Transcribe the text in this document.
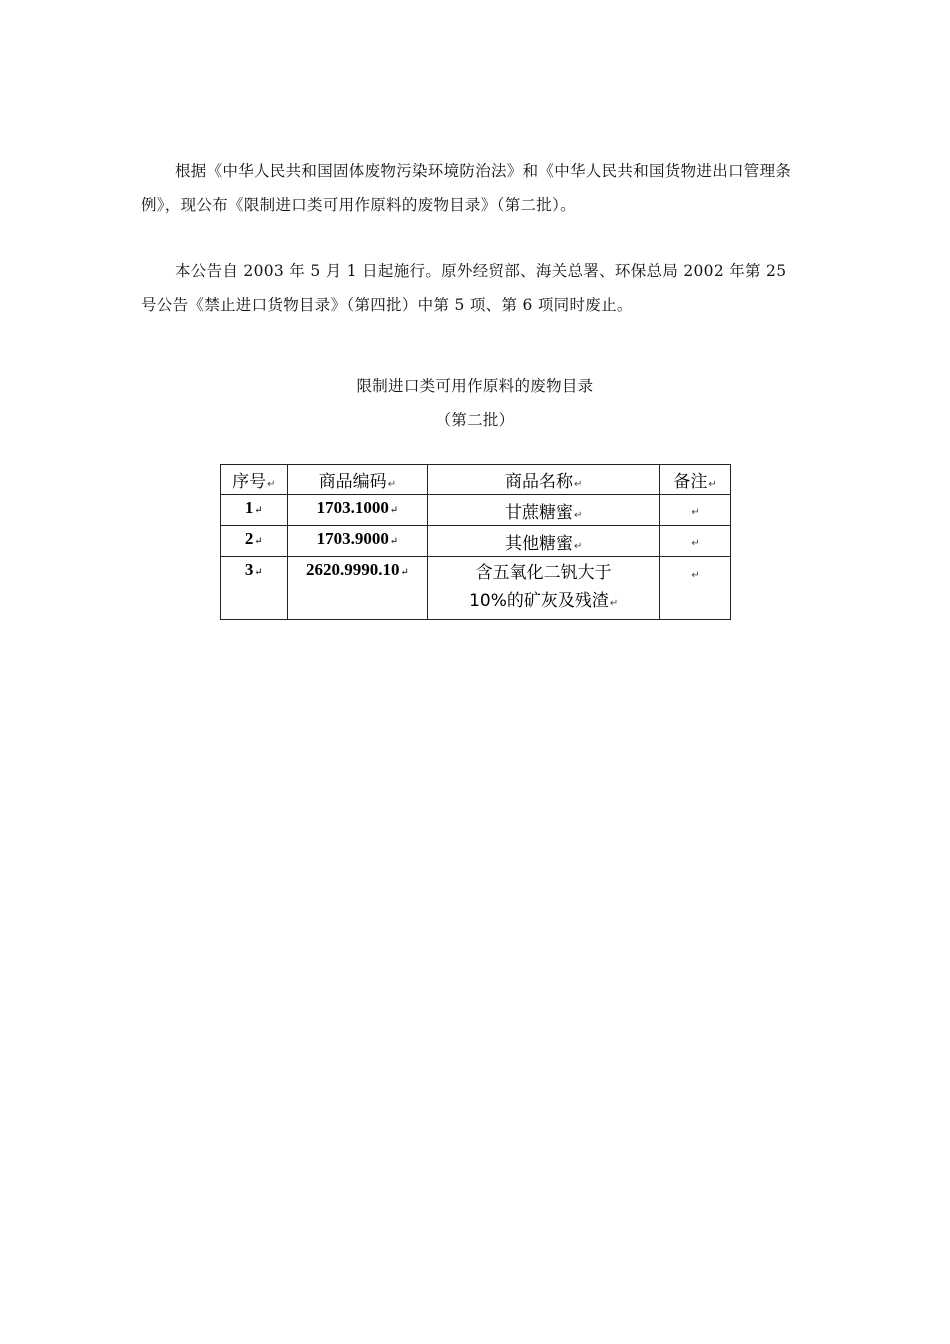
根据《中华人民共和国固体废物污染环境防治法》和《中华人民共和国货物进出口管理条例》，现公布《限制进口类可用作原料的废物目录》（第二批）。

本公告自 2003 年 5 月 1 日起施行。原外经贸部、海关总署、环保总局 2002 年第 25 号公告《禁止进口货物目录》（第四批）中第 5 项、第 6 项同时废止。

限制进口类可用作原料的废物目录

（第二批）

序号↵	商品编码↵	商品名称↵	备注↵
1↵	1703.1000↵	甘蔗糖蜜↵	↵
2↵	1703.9000↵	其他糖蜜↵	↵
3↵	2620.9990.10↵	含五氧化二钒大于
10%的矿灰及残渣↵	↵
